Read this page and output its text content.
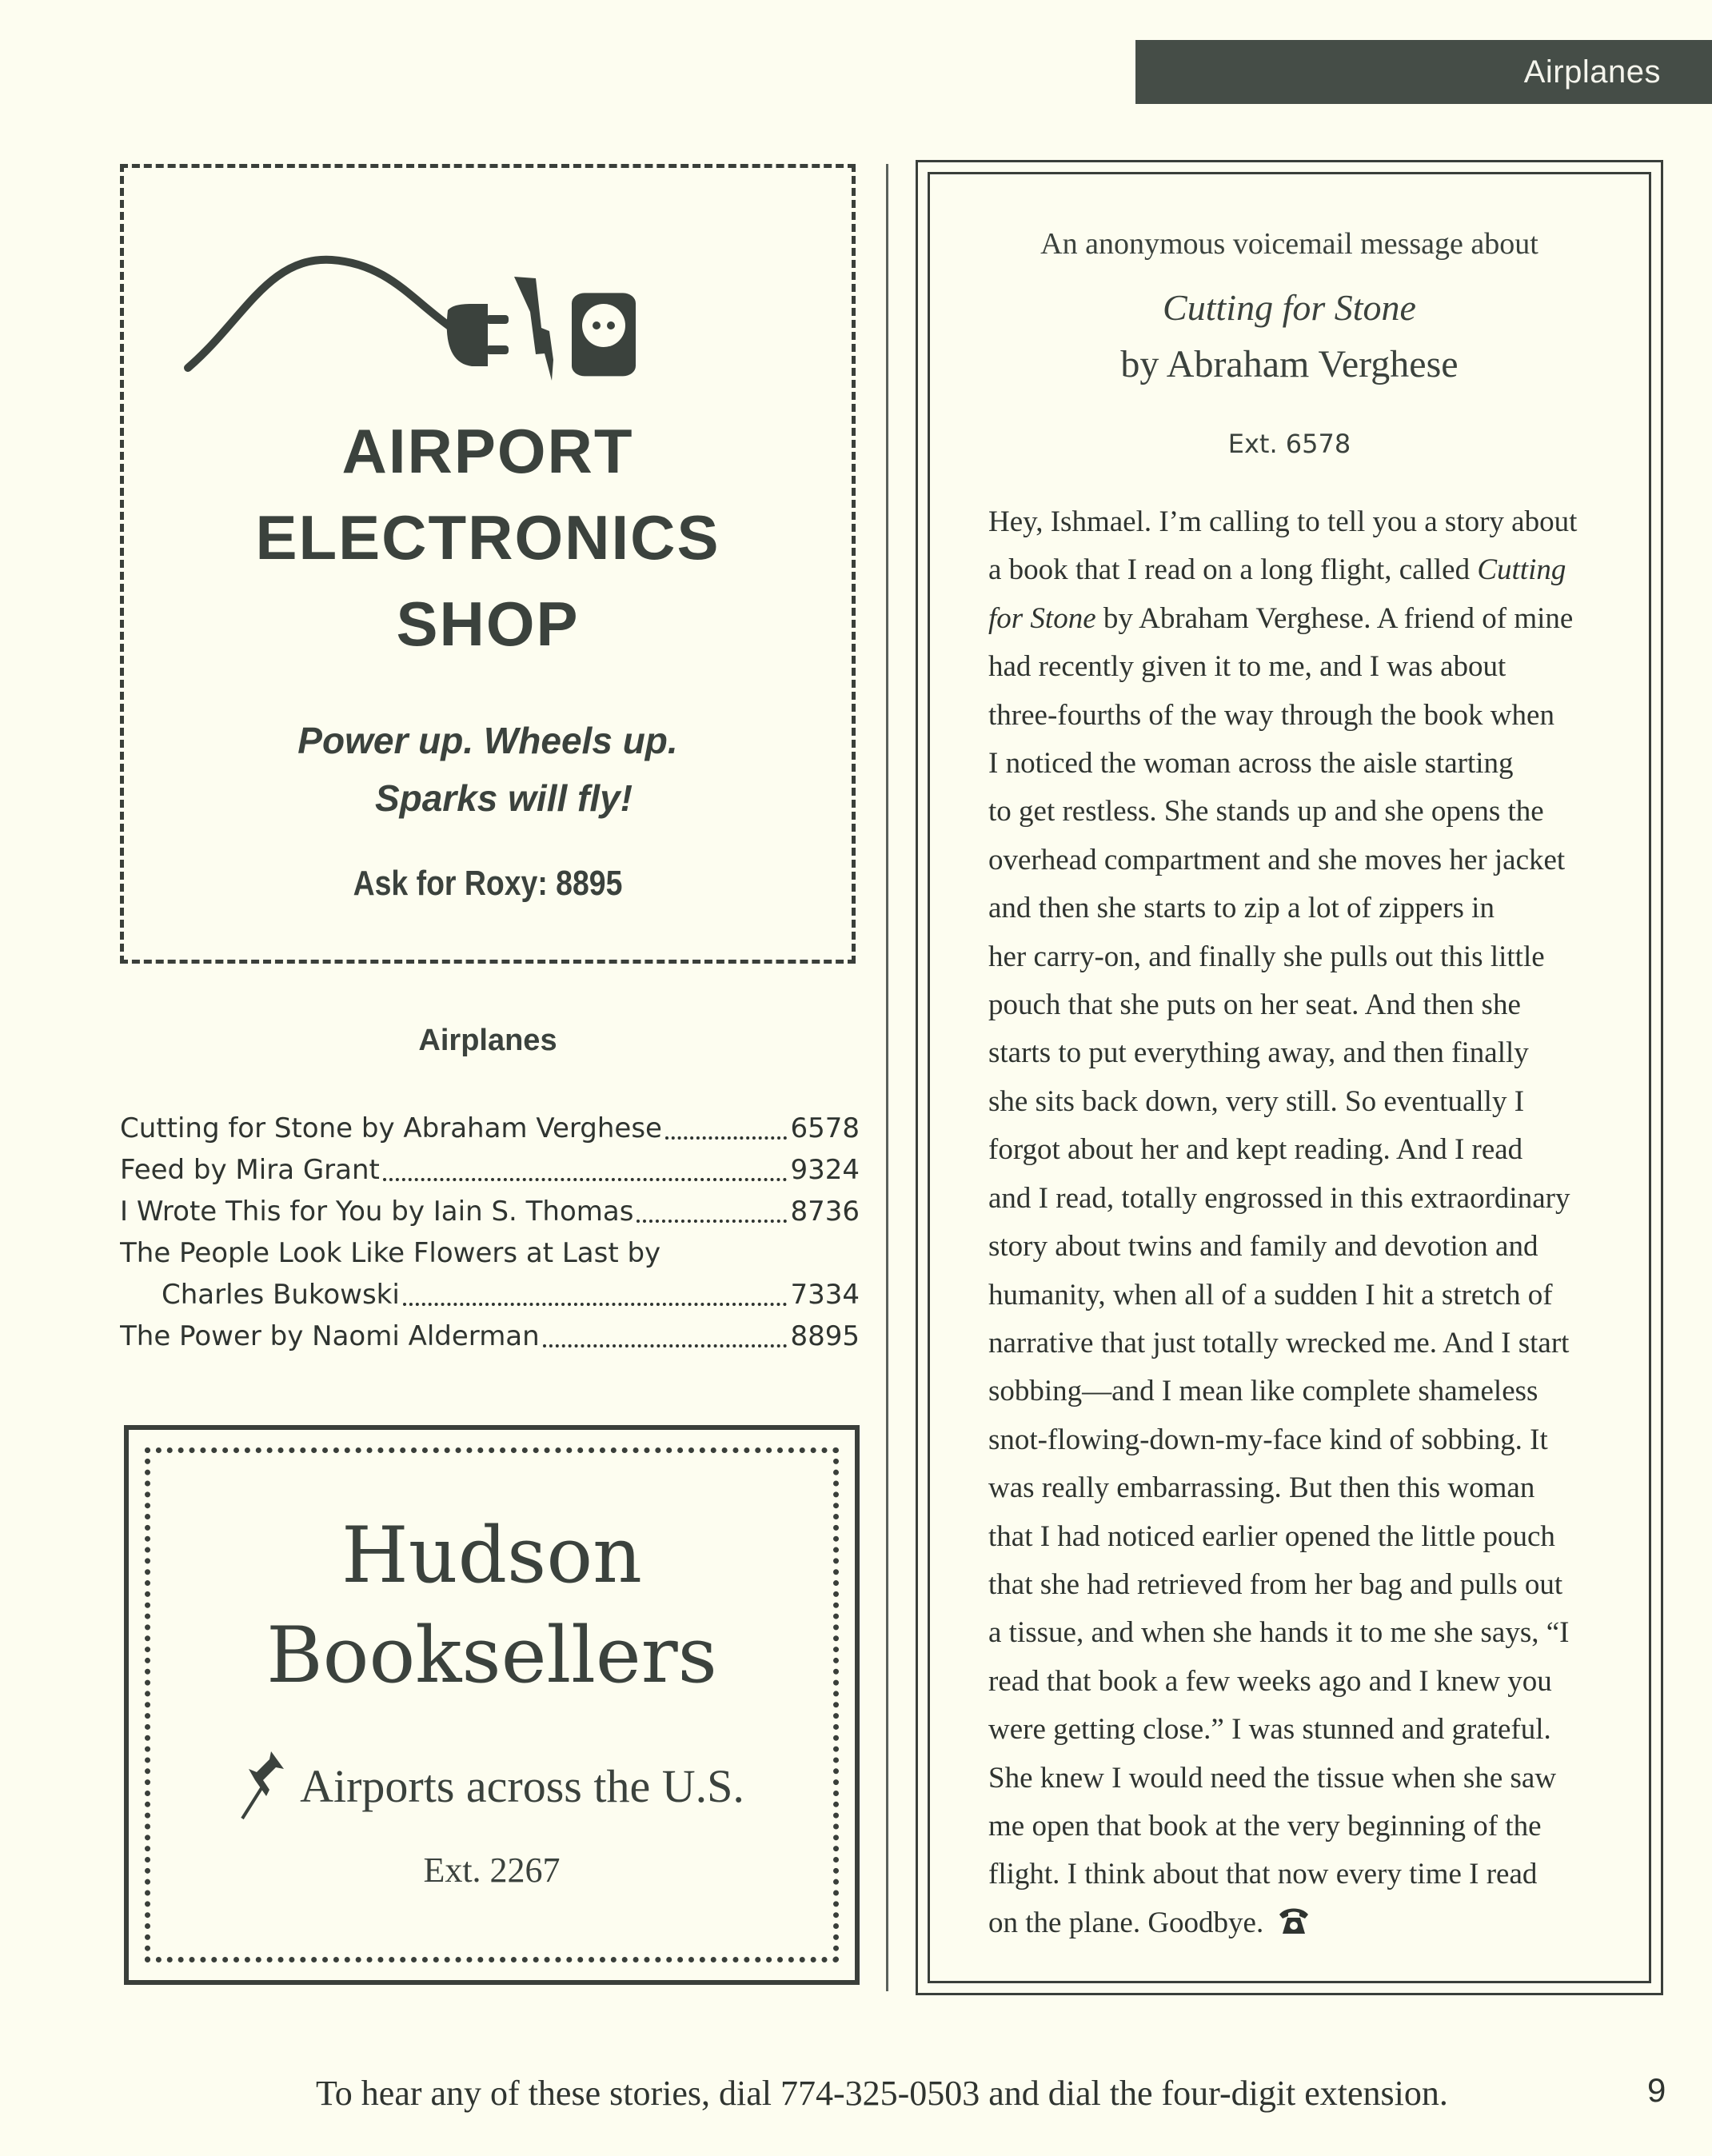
Airplanes
AIRPORT
ELECTRONICS
SHOP
Power up. Wheels up.
Sparks will fly!
Ask for Roxy: 8895
Airplanes
Cutting for Stone by Abraham Verghese	6578
Feed by Mira Grant	9324
I Wrote This for You by Iain S. Thomas	8736
The People Look Like Flowers at Last by
Charles Bukowski	7334
The Power by Naomi Alderman	8895
Hudson
Booksellers
Airports across the U.S.
Ext. 2267
An anonymous voicemail message about
Cutting for Stone
by Abraham Verghese
Ext. 6578
Hey, Ishmael. I’m calling to tell you a story about
a book that I read on a long flight, called Cutting
for Stone by Abraham Verghese. A friend of mine
had recently given it to me, and I was about
three-fourths of the way through the book when
I noticed the woman across the aisle starting
to get restless. She stands up and she opens the
overhead compartment and she moves her jacket
and then she starts to zip a lot of zippers in
her carry-on, and finally she pulls out this little
pouch that she puts on her seat. And then she
starts to put everything away, and then finally
she sits back down, very still. So eventually I
forgot about her and kept reading. And I read
and I read, totally engrossed in this extraordinary
story about twins and family and devotion and
humanity, when all of a sudden I hit a stretch of
narrative that just totally wrecked me. And I start
sobbing—and I mean like complete shameless
snot-flowing-down-my-face kind of sobbing. It
was really embarrassing. But then this woman
that I had noticed earlier opened the little pouch
that she had retrieved from her bag and pulls out
a tissue, and when she hands it to me she says, “I
read that book a few weeks ago and I knew you
were getting close.” I was stunned and grateful.
She knew I would need the tissue when she saw
me open that book at the very beginning of the
flight. I think about that now every time I read
on the plane. Goodbye.
To hear any of these stories, dial 774-325-0503 and dial the four-digit extension.	9
